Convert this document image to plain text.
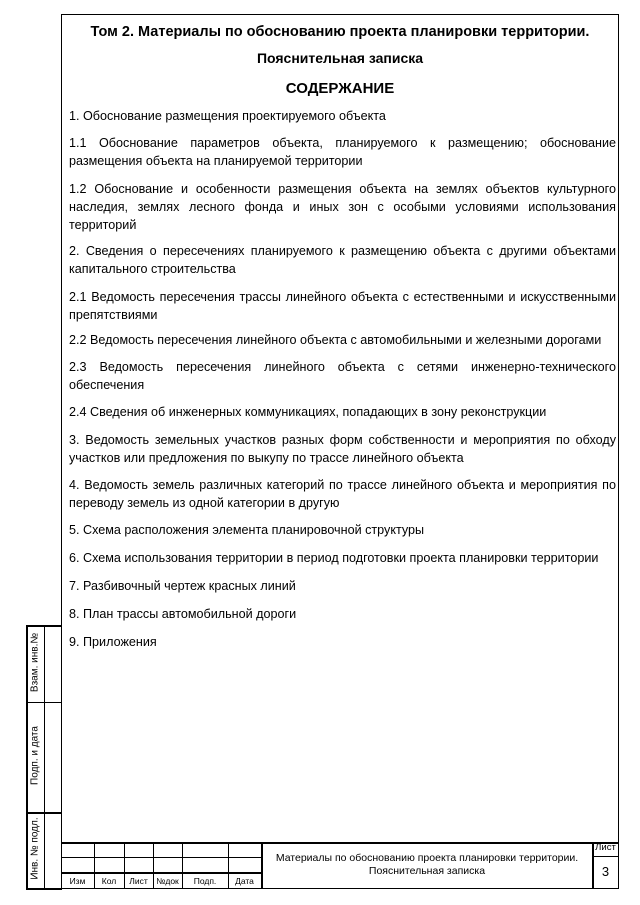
Том 2. Материалы по обоснованию проекта планировки территории.
Пояснительная записка
СОДЕРЖАНИЕ
1. Обоснование размещения проектируемого объекта
1.1 Обоснование параметров объекта, планируемого к размещению; обоснование размещения объекта на планируемой территории
1.2 Обоснование и особенности размещения объекта на землях объектов культурного наследия, землях лесного фонда и иных зон с особыми условиями использования территорий
2. Сведения о пересечениях планируемого к размещению объекта с другими объектами капитального строительства
2.1 Ведомость пересечения трассы линейного объекта с естественными и искусственными препятствиями
2.2 Ведомость пересечения линейного объекта с автомобильными и железными дорогами
2.3 Ведомость пересечения линейного объекта с сетями инженерно-технического обеспечения
2.4 Сведения об инженерных коммуникациях, попадающих в зону реконструкции
3. Ведомость земельных участков разных форм собственности и мероприятия по обходу участков или предложения по выкупу по трассе линейного объекта
4. Ведомость земель различных категорий по трассе линейного объекта и мероприятия по переводу земель из одной категории в другую
5. Схема расположения элемента планировочной структуры
6. Схема использования территории в период подготовки проекта планировки территории
7. Разбивочный чертеж красных линий
8. План трассы автомобильной дороги
9. Приложения
Взам. инв.№
Подп. и дата
Инв. № подл.
Изм	Кол	Лист	№док	Подп.	Дата
Материалы по обоснованию проекта планировки территории.
Пояснительная записка
Лист
3
